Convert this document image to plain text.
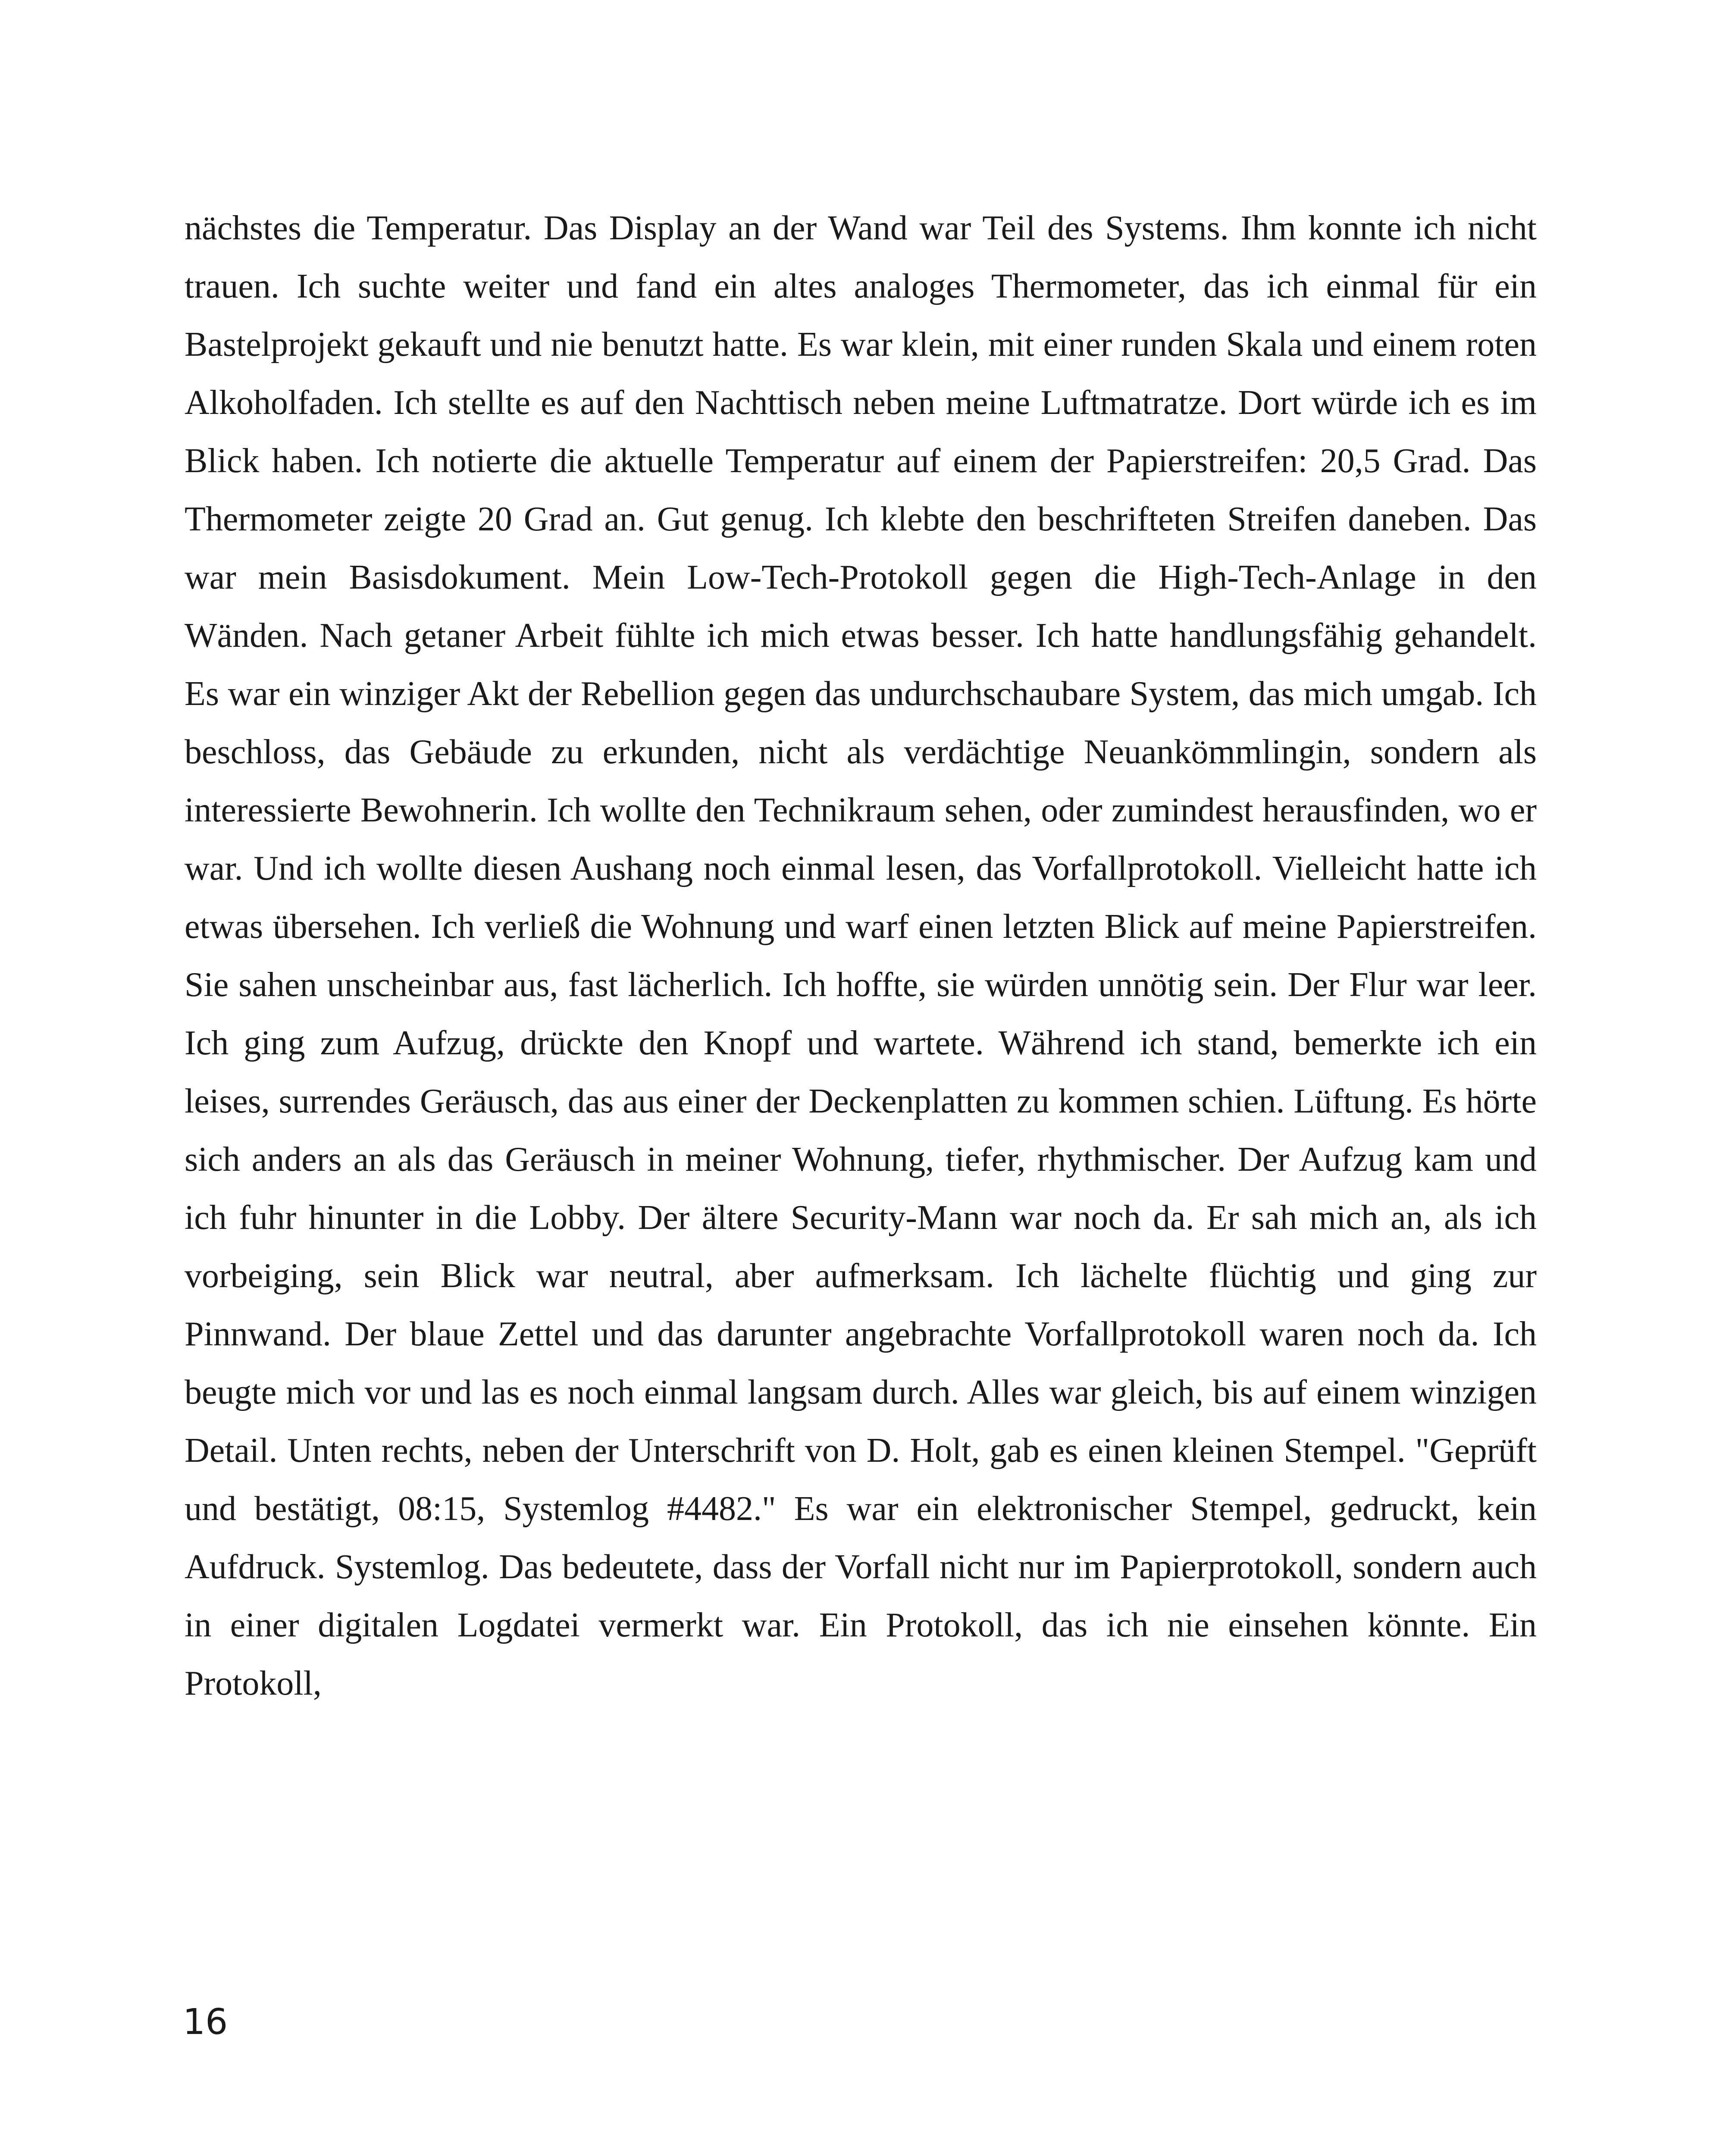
nächstes die Temperatur. Das Display an der Wand war Teil des Systems. Ihm konnte ich nicht trauen. Ich suchte weiter und fand ein altes analoges Thermometer, das ich einmal für ein Bastelprojekt gekauft und nie benutzt hatte. Es war klein, mit einer runden Skala und einem roten Alkoholfaden. Ich stellte es auf den Nachttisch neben meine Luftmatratze. Dort würde ich es im Blick haben. Ich notierte die aktuelle Temperatur auf einem der Papierstreifen: 20,5 Grad. Das Thermometer zeigte 20 Grad an. Gut genug. Ich klebte den beschrifteten Streifen daneben. Das war mein Basisdokument. Mein Low-Tech-Protokoll gegen die High-Tech-Anlage in den Wänden. Nach getaner Arbeit fühlte ich mich etwas besser. Ich hatte handlungsfähig gehandelt. Es war ein winziger Akt der Rebellion gegen das undurchschaubare System, das mich umgab. Ich beschloss, das Gebäude zu erkunden, nicht als verdächtige Neuankömmlingin, sondern als interessierte Bewohnerin. Ich wollte den Technikraum sehen, oder zumindest herausfinden, wo er war. Und ich wollte diesen Aushang noch einmal lesen, das Vorfallprotokoll. Vielleicht hatte ich etwas übersehen. Ich verließ die Wohnung und warf einen letzten Blick auf meine Papierstreifen. Sie sahen unscheinbar aus, fast lächerlich. Ich hoffte, sie würden unnötig sein. Der Flur war leer. Ich ging zum Aufzug, drückte den Knopf und wartete. Während ich stand, bemerkte ich ein leises, surrendes Geräusch, das aus einer der Deckenplatten zu kommen schien. Lüftung. Es hörte sich anders an als das Geräusch in meiner Wohnung, tiefer, rhythmischer. Der Aufzug kam und ich fuhr hinunter in die Lobby. Der ältere Security-Mann war noch da. Er sah mich an, als ich vorbeiging, sein Blick war neutral, aber aufmerksam. Ich lächelte flüchtig und ging zur Pinnwand. Der blaue Zettel und das darunter angebrachte Vorfallprotokoll waren noch da. Ich beugte mich vor und las es noch einmal langsam durch. Alles war gleich, bis auf einem winzigen Detail. Unten rechts, neben der Unterschrift von D. Holt, gab es einen kleinen Stempel. "Geprüft und bestätigt, 08:15, Systemlog #4482." Es war ein elektronischer Stempel, gedruckt, kein Aufdruck. Systemlog. Das bedeutete, dass der Vorfall nicht nur im Papierprotokoll, sondern auch in einer digitalen Logdatei vermerkt war. Ein Protokoll, das ich nie einsehen könnte. Ein Protokoll,

16
